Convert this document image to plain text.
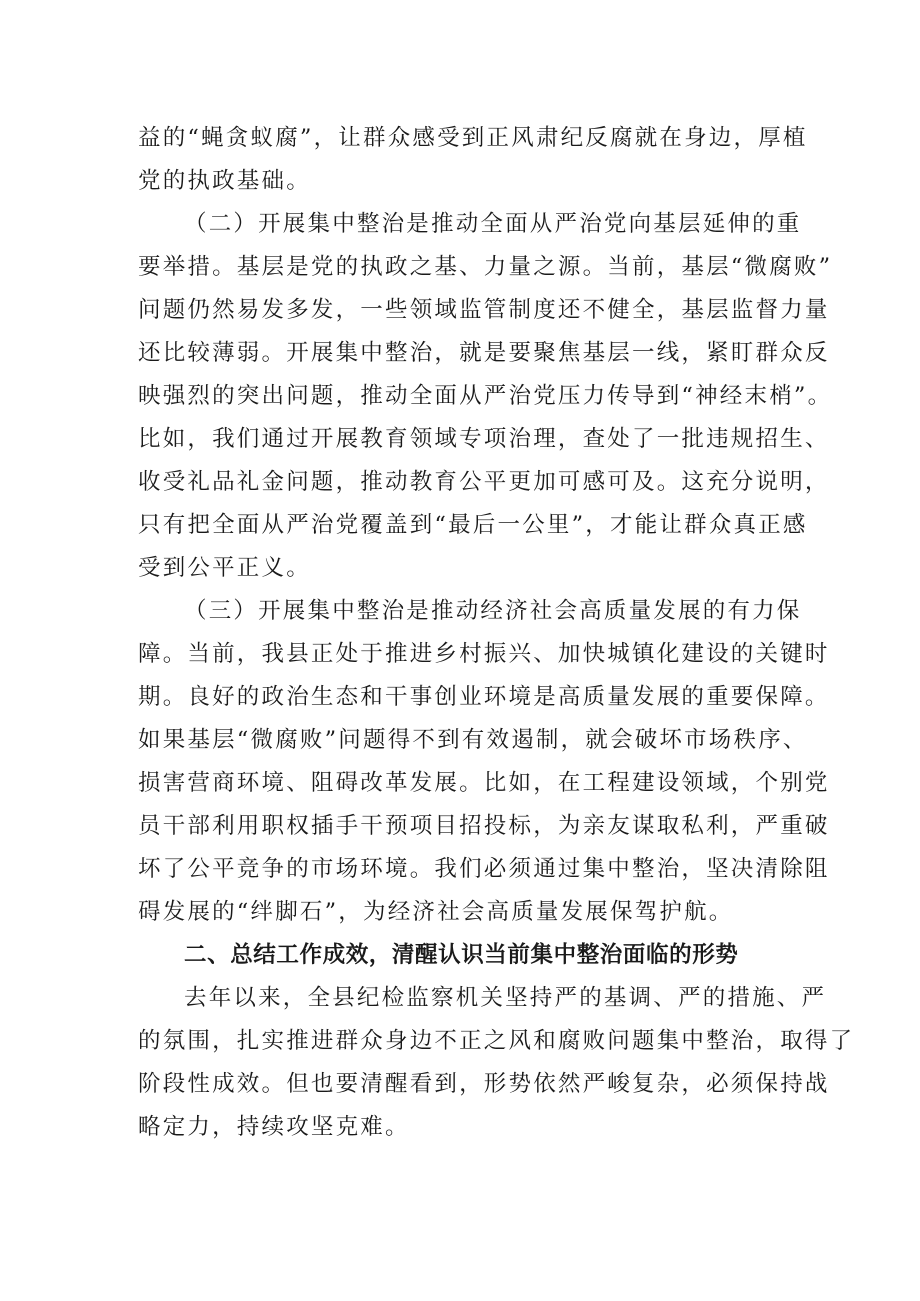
益的“蝇贪蚁腐”，让群众感受到正风肃纪反腐就在身边，厚植
党的执政基础。

（二）开展集中整治是推动全面从严治党向基层延伸的重
要举措。基层是党的执政之基、力量之源。当前，基层“微腐败”
问题仍然易发多发，一些领域监管制度还不健全，基层监督力量
还比较薄弱。开展集中整治，就是要聚焦基层一线，紧盯群众反
映强烈的突出问题，推动全面从严治党压力传导到“神经末梢”。
比如，我们通过开展教育领域专项治理，查处了一批违规招生、
收受礼品礼金问题，推动教育公平更加可感可及。这充分说明，
只有把全面从严治党覆盖到“最后一公里”，才能让群众真正感
受到公平正义。

（三）开展集中整治是推动经济社会高质量发展的有力保
障。当前，我县正处于推进乡村振兴、加快城镇化建设的关键时
期。良好的政治生态和干事创业环境是高质量发展的重要保障。
如果基层“微腐败”问题得不到有效遏制，就会破坏市场秩序、
损害营商环境、阻碍改革发展。比如，在工程建设领域，个别党
员干部利用职权插手干预项目招投标，为亲友谋取私利，严重破
坏了公平竞争的市场环境。我们必须通过集中整治，坚决清除阻
碍发展的“绊脚石”，为经济社会高质量发展保驾护航。

二、总结工作成效，清醒认识当前集中整治面临的形势

去年以来，全县纪检监察机关坚持严的基调、严的措施、严
的氛围，扎实推进群众身边不正之风和腐败问题集中整治，取得了
阶段性成效。但也要清醒看到，形势依然严峻复杂，必须保持战
略定力，持续攻坚克难。
